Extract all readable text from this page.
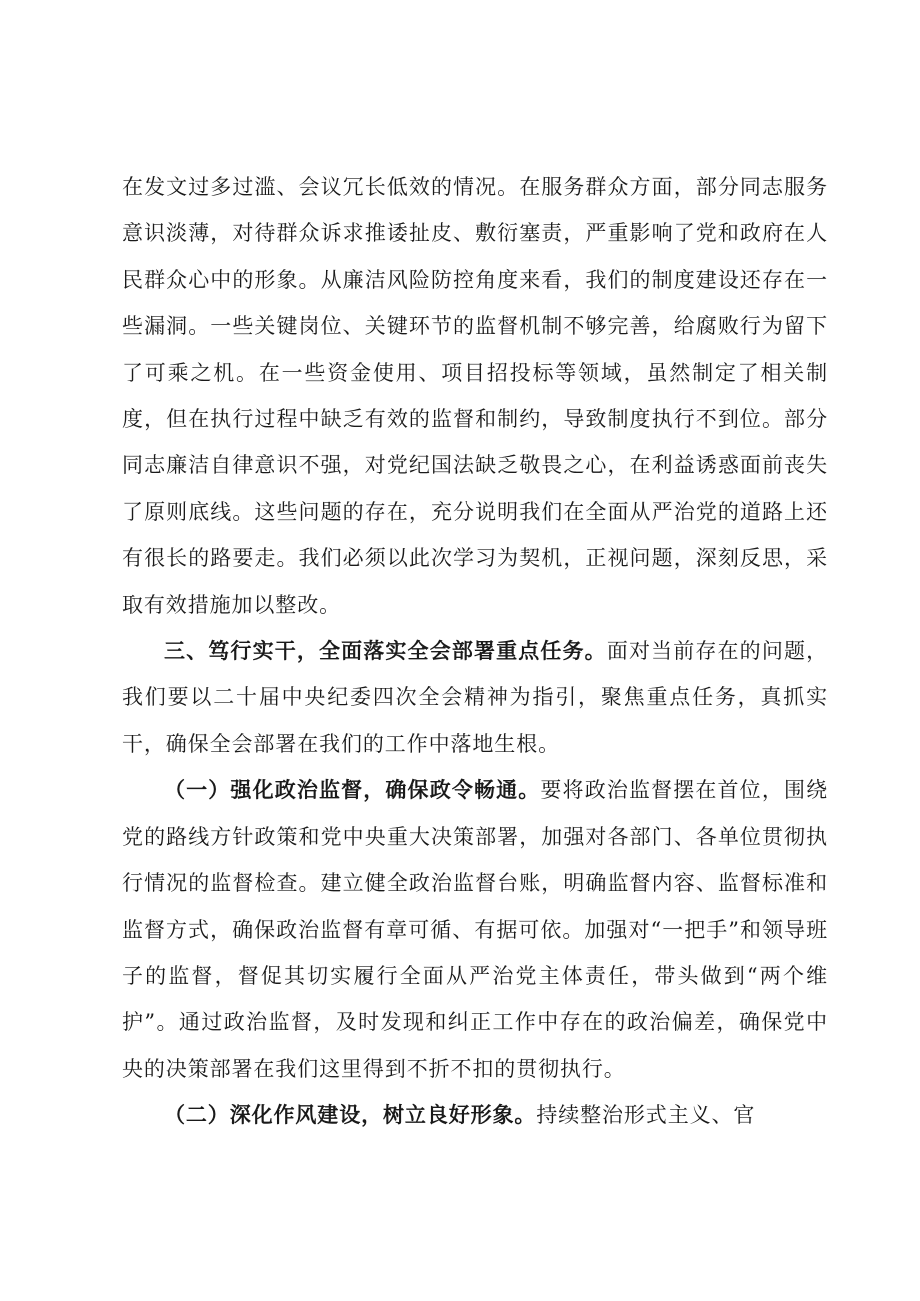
在发文过多过滥、会议冗长低效的情况。在服务群众方面，部分同志服务意识淡薄，对待群众诉求推诿扯皮、敷衍塞责，严重影响了党和政府在人民群众心中的形象。从廉洁风险防控角度来看，我们的制度建设还存在一些漏洞。一些关键岗位、关键环节的监督机制不够完善，给腐败行为留下了可乘之机。在一些资金使用、项目招投标等领域，虽然制定了相关制度，但在执行过程中缺乏有效的监督和制约，导致制度执行不到位。部分同志廉洁自律意识不强，对党纪国法缺乏敬畏之心，在利益诱惑面前丧失了原则底线。这些问题的存在，充分说明我们在全面从严治党的道路上还有很长的路要走。我们必须以此次学习为契机，正视问题，深刻反思，采取有效措施加以整改。

三、笃行实干，全面落实全会部署重点任务。面对当前存在的问题，我们要以二十届中央纪委四次全会精神为指引，聚焦重点任务，真抓实干，确保全会部署在我们的工作中落地生根。

（一）强化政治监督，确保政令畅通。要将政治监督摆在首位，围绕党的路线方针政策和党中央重大决策部署，加强对各部门、各单位贯彻执行情况的监督检查。建立健全政治监督台账，明确监督内容、监督标准和监督方式，确保政治监督有章可循、有据可依。加强对“一把手”和领导班子的监督，督促其切实履行全面从严治党主体责任，带头做到“两个维护”。通过政治监督，及时发现和纠正工作中存在的政治偏差，确保党中央的决策部署在我们这里得到不折不扣的贯彻执行。

（二）深化作风建设，树立良好形象。持续整治形式主义、官
